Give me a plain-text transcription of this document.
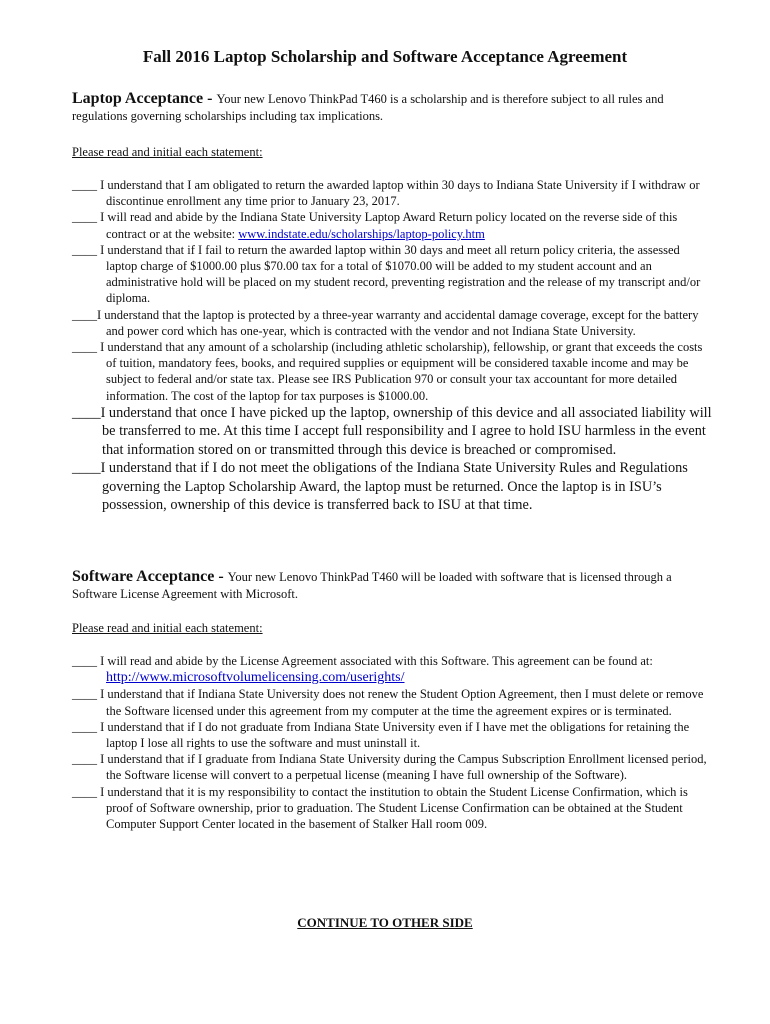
Fall 2016 Laptop Scholarship and Software Acceptance Agreement
Laptop Acceptance - Your new Lenovo ThinkPad T460 is a scholarship and is therefore subject to all rules and regulations governing scholarships including tax implications.
Please read and initial each statement:
____ I understand that I am obligated to return the awarded laptop within 30 days to Indiana State University if I withdraw or discontinue enrollment any time prior to January 23, 2017.
____ I will read and abide by the Indiana State University Laptop Award Return policy located on the reverse side of this contract or at the website: www.indstate.edu/scholarships/laptop-policy.htm
____ I understand that if I fail to return the awarded laptop within 30 days and meet all return policy criteria, the assessed laptop charge of $1000.00 plus $70.00 tax for a total of $1070.00 will be added to my student account and an administrative hold will be placed on my student record, preventing registration and the release of my transcript and/or diploma.
____I understand that the laptop is protected by a three-year warranty and accidental damage coverage, except for the battery and power cord which has one-year, which is contracted with the vendor and not Indiana State University.
____ I understand that any amount of a scholarship (including athletic scholarship), fellowship, or grant that exceeds the costs of tuition, mandatory fees, books, and required supplies or equipment will be considered taxable income and may be subject to federal and/or state tax. Please see IRS Publication 970 or consult your tax accountant for more detailed information. The cost of the laptop for tax purposes is $1000.00.
____I understand that once I have picked up the laptop, ownership of this device and all associated liability will be transferred to me. At this time I accept full responsibility and I agree to hold ISU harmless in the event that information stored on or transmitted through this device is breached or compromised.
____I understand that if I do not meet the obligations of the Indiana State University Rules and Regulations governing the Laptop Scholarship Award, the laptop must be returned. Once the laptop is in ISU’s possession, ownership of this device is transferred back to ISU at that time.
Software Acceptance - Your new Lenovo ThinkPad T460 will be loaded with software that is licensed through a Software License Agreement with Microsoft.
Please read and initial each statement:
____ I will read and abide by the License Agreement associated with this Software. This agreement can be found at: http://www.microsoftvolumelicensing.com/userights/
____ I understand that if Indiana State University does not renew the Student Option Agreement, then I must delete or remove the Software licensed under this agreement from my computer at the time the agreement expires or is terminated.
____ I understand that if I do not graduate from Indiana State University even if I have met the obligations for retaining the laptop I lose all rights to use the software and must uninstall it.
____ I understand that if I graduate from Indiana State University during the Campus Subscription Enrollment licensed period, the Software license will convert to a perpetual license (meaning I have full ownership of the Software).
____ I understand that it is my responsibility to contact the institution to obtain the Student License Confirmation, which is proof of Software ownership, prior to graduation. The Student License Confirmation can be obtained at the Student Computer Support Center located in the basement of Stalker Hall room 009.
CONTINUE TO OTHER SIDE
